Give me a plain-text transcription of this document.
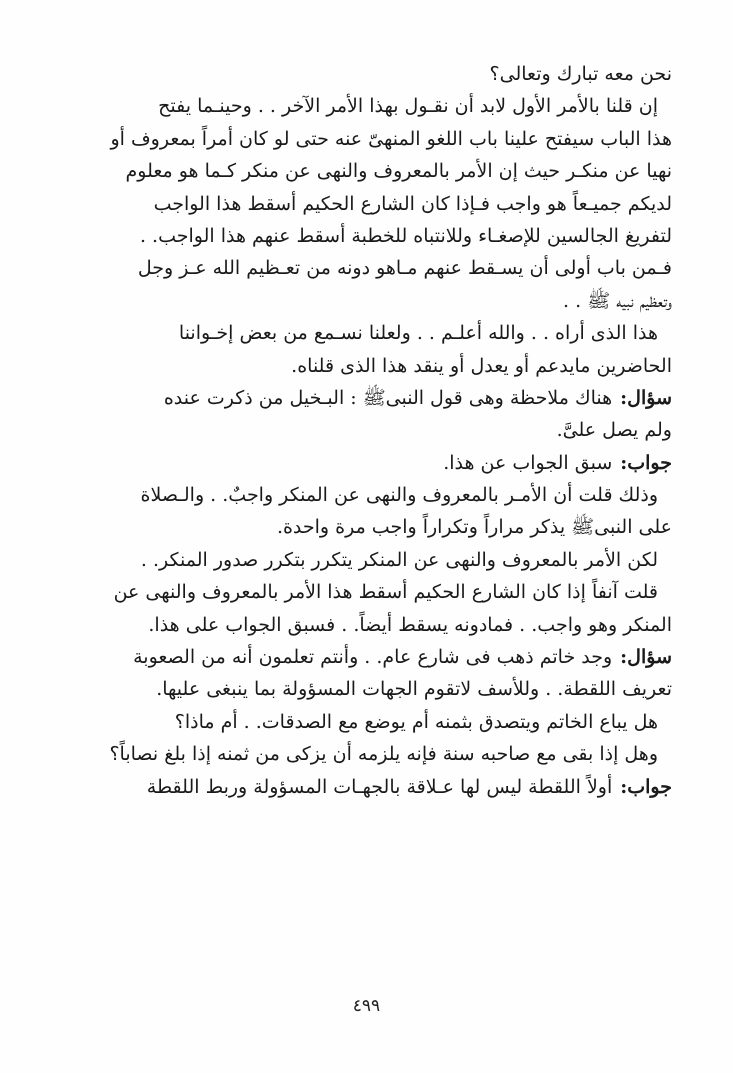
نحن معه تبارك وتعالى؟
إن قلنا بالأمر الأول لابد أن نقـول بهذا الأمر الآخر . . وحينـما يفتح
هذا الباب سيفتح علينا باب اللغو المنهىّ عنه حتى لو كان أمراً بمعروف أو
نهيا عن منكـر حيث إن الأمر بالمعروف والنهى عن منكر كـما هو معلوم
لديكم جميـعاً هو واجب فـإذا كان الشارع الحكيم أسقط هذا الواجب
لتفريغ الجالسين للإصغـاء وللانتباه للخطبة أسقط عنهم هذا الواجب. .
فـمن باب أولى أن يسـقط عنهم مـاهو دونه من تعـظيم الله عـز وجل
وتعظيم نبيه ﷺ . .
هذا الذى أراه . . والله أعلـم . . ولعلنا نسـمع من بعض إخـواننا
الحاضرين مايدعم أو يعدل أو ينقد هذا الذى قلناه.
سؤال:هناك ملاحظة وهى قول النبىﷺ : البـخيل من ذكرت عنده
ولم يصل علىَّ.
جواب:سبق الجواب عن هذا.
وذلك قلت أن الأمـر بالمعروف والنهى عن المنكر واجبٌ. . والـصلاة
على النبىﷺ يذكر مراراً وتكراراً واجب مرة واحدة.
لكن الأمر بالمعروف والنهى عن المنكر يتكرر بتكرر صدور المنكر. .
قلت آنفاً إذا كان الشارع الحكيم أسقط هذا الأمر بالمعروف والنهى عن
المنكر وهو واجب. . فمادونه يسقط أيضاً. . فسبق الجواب على هذا.
سؤال:وجد خاتم ذهب فى شارع عام. . وأنتم تعلمون أنه من الصعوبة
تعريف اللقطة. . وللأسف لاتقوم الجهات المسؤولة بما ينبغى عليها.
هل يباع الخاتم ويتصدق بثمنه أم يوضع مع الصدقات. . أم ماذا؟
وهل إذا بقى مع صاحبه سنة فإنه يلزمه أن يزكى من ثمنه إذا بلغ نصاباً؟
جواب:أولاً اللقطة ليس لها عـلاقة بالجهـات المسؤولة وربط اللقطة
٤٩٩
